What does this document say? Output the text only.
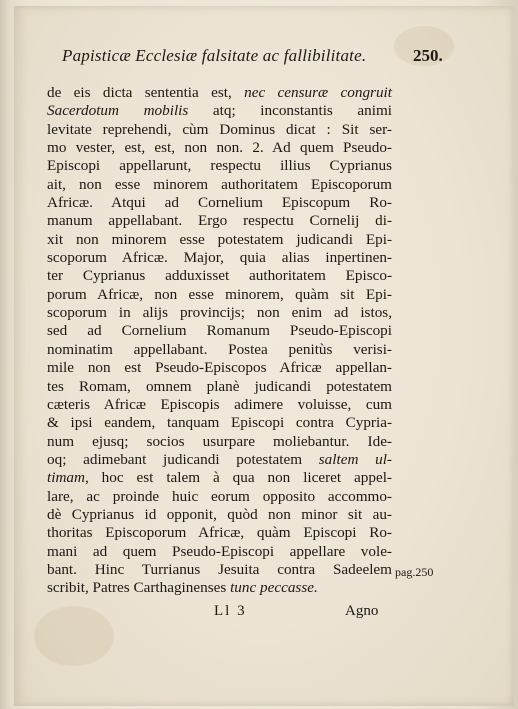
Papisticæ Ecclesiæ falsitate ac fallibilitate.	250.
de eis dicta sententia est, nec censuræ congruit
Sacerdotum mobilis atq; inconstantis animi
levitate reprehendi, cùm Dominus dicat : Sit ser-
mo vester, est, est, non non. 2. Ad quem Pseudo-
Episcopi appellarunt, respectu illius Cyprianus
ait, non esse minorem authoritatem Episcoporum
Africæ. Atqui ad Cornelium Episcopum Ro-
manum appellabant. Ergo respectu Cornelij di-
xit non minorem esse potestatem judicandi Epi-
scoporum Africæ. Major, quia alias inpertinen-
ter Cyprianus adduxisset authoritatem Episco-
porum Africæ, non esse minorem, quàm sit Epi-
scoporum in alijs provincijs; non enim ad istos,
sed ad Cornelium Romanum Pseudo-Episcopi
nominatim appellabant. Postea penitùs verisi-
mile non est Pseudo-Episcopos Africæ appellan-
tes Romam, omnem planè judicandi potestatem
cæteris Africæ Episcopis adimere voluisse, cum
& ipsi eandem, tanquam Episcopi contra Cypria-
num ejusq; socios usurpare moliebantur. Ide-
oq; adimebant judicandi potestatem saltem ul-
timam, hoc est talem à qua non liceret appel-
lare, ac proinde huic eorum opposito accommo-
dè Cyprianus id opponit, quòd non minor sit au-
thoritas Episcoporum Africæ, quàm Episcopi Ro-
mani ad quem Pseudo-Episcopi appellare vole-
bant. Hinc Turrianus Jesuita contra Sadeelem
scribit, Patres Carthaginenses tunc peccasse.
pag.250
Ll 3	Agno
